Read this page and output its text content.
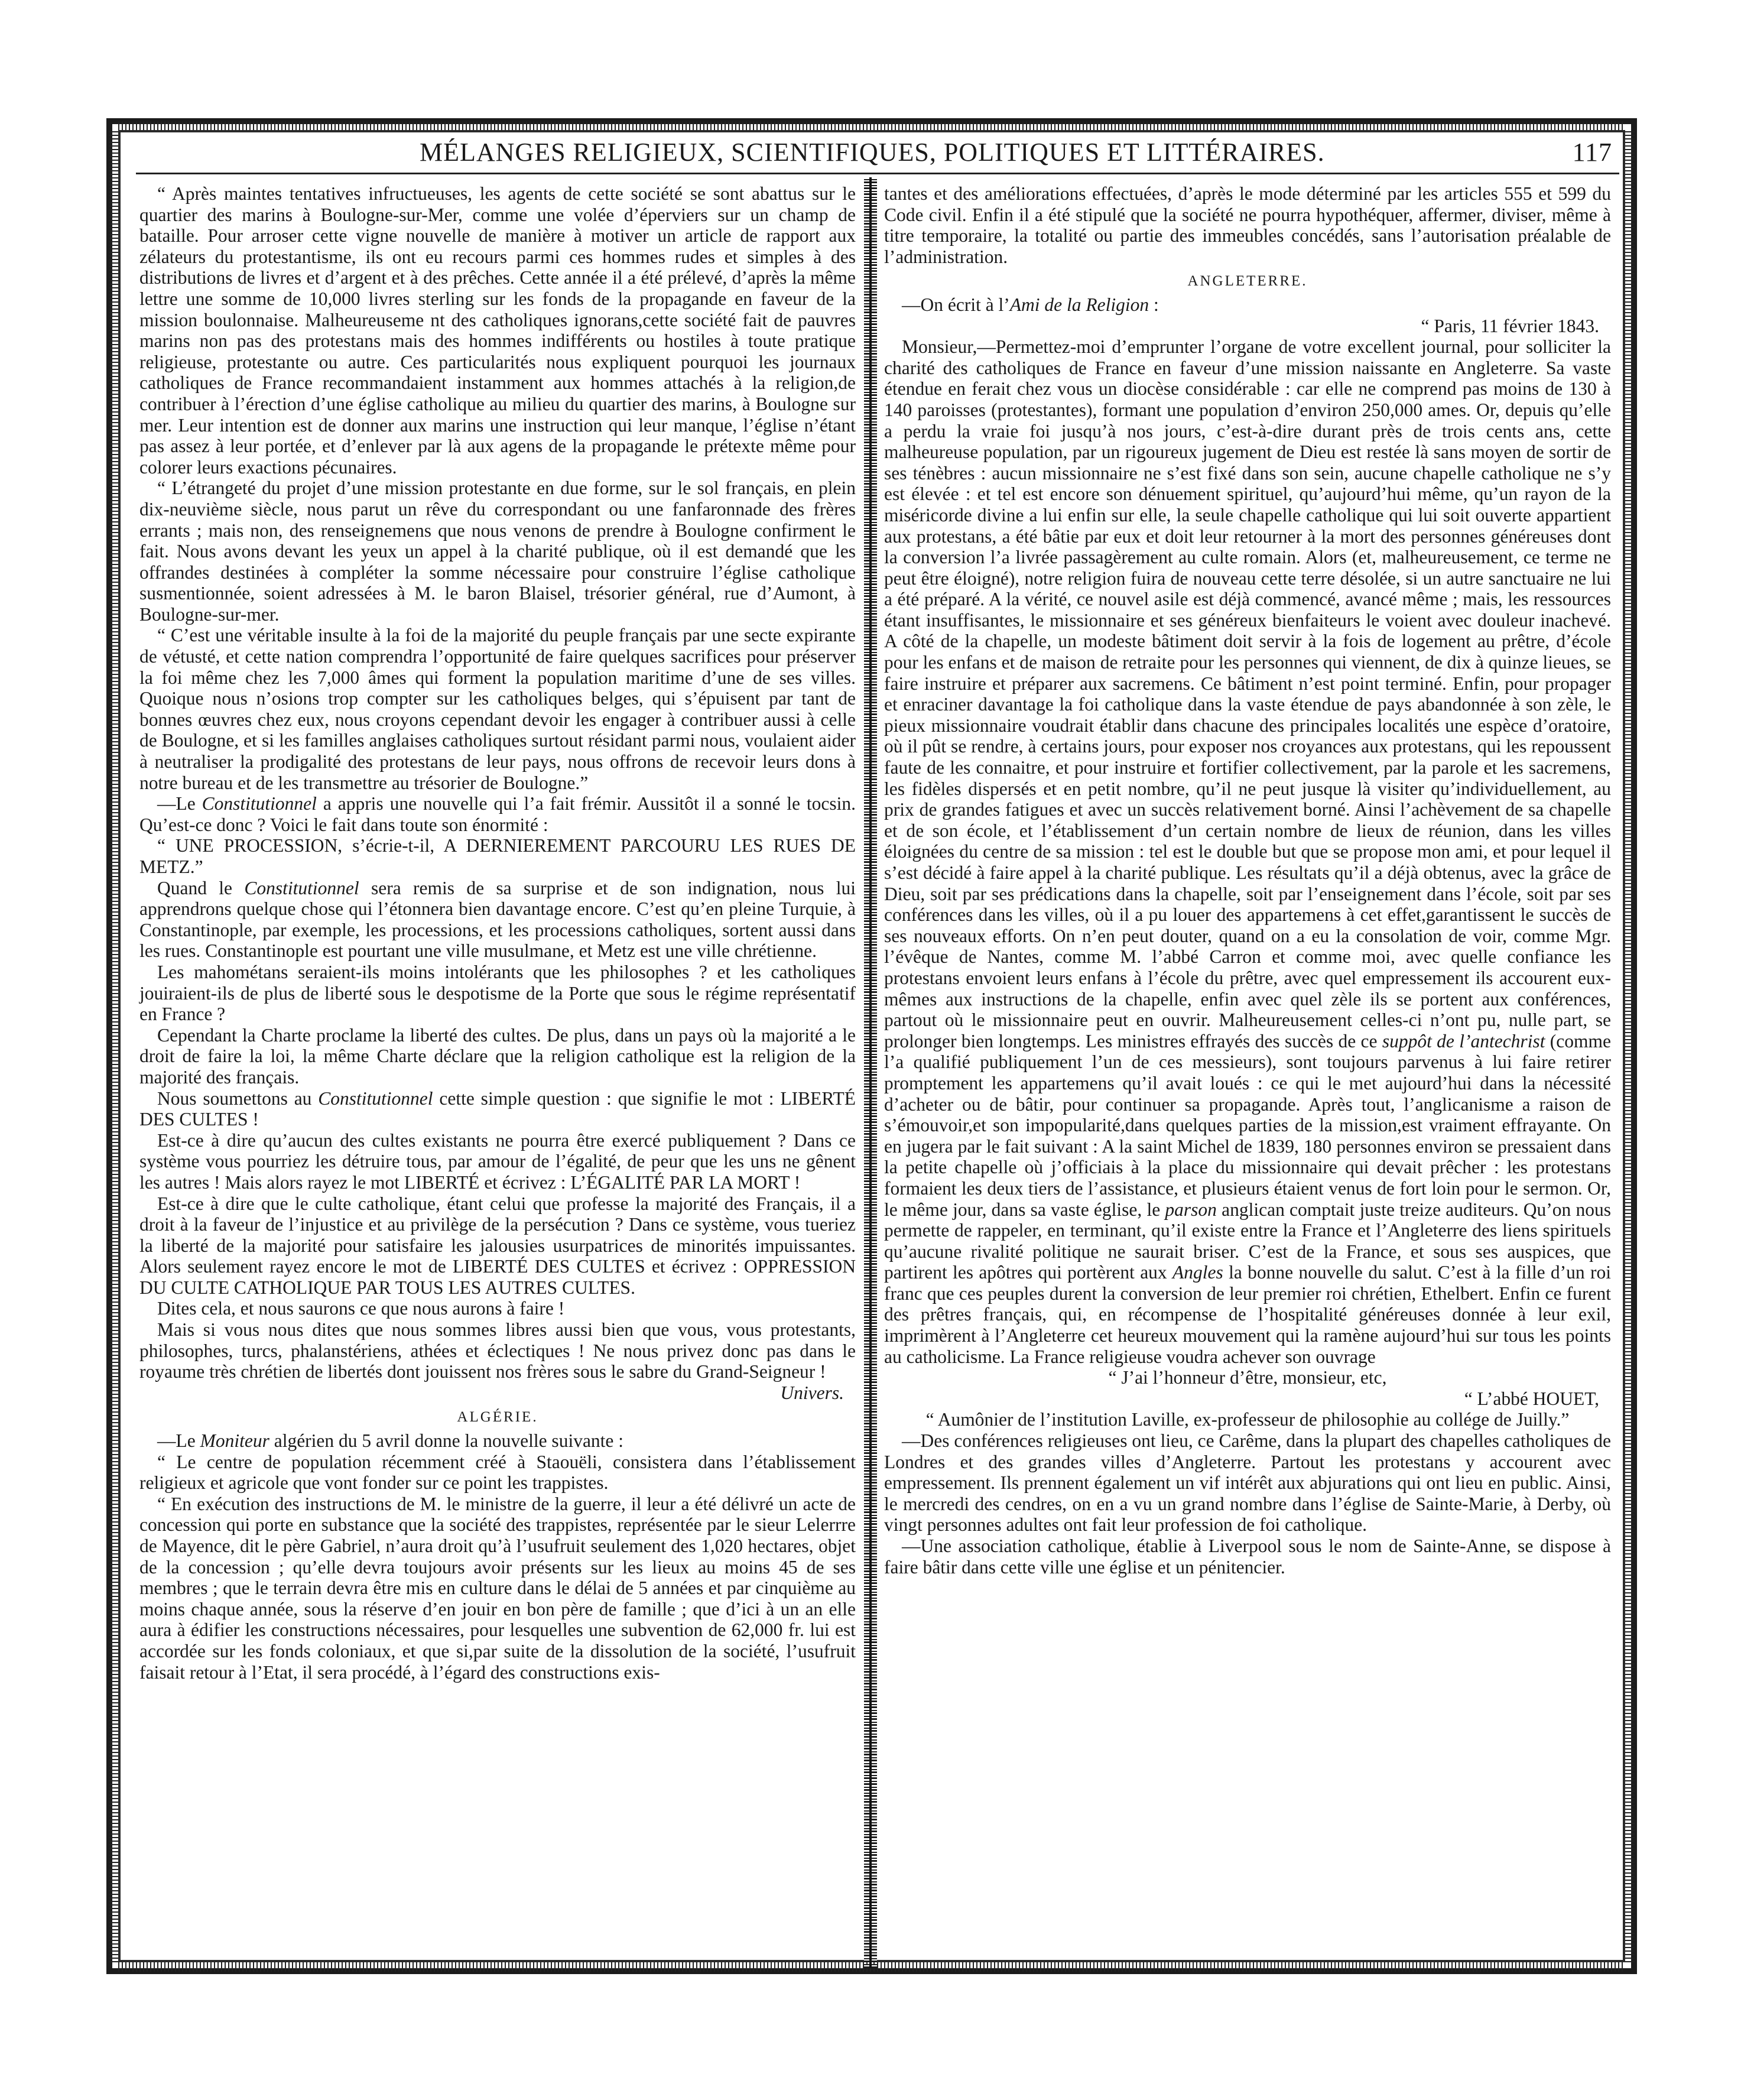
MÉLANGES RELIGIEUX, SCIENTIFIQUES, POLITIQUES ET LITTÉRAIRES.	117

“ Après maintes tentatives infructueuses, les agents de cette société se sont abattus sur le quartier des marins à Boulogne-sur-Mer, comme une volée d’éperviers sur un champ de bataille. Pour arroser cette vigne nouvelle de manière à motiver un article de rapport aux zélateurs du protestantisme, ils ont eu recours parmi ces hommes rudes et simples à des distributions de livres et d’argent et à des prêches. Cette année il a été prélevé, d’après la même lettre une somme de 10,000 livres sterling sur les fonds de la propagande en faveur de la mission boulonnaise. Malheureuseme nt des catholiques ignorans,cette société fait de pauvres marins non pas des protestans mais des hommes indifférents ou hostiles à toute pratique religieuse, protestante ou autre. Ces particularités nous expliquent pourquoi les journaux catholiques de France recommandaient instamment aux hommes attachés à la religion,de contribuer à l’érection d’une église catholique au milieu du quartier des marins, à Boulogne sur mer. Leur intention est de donner aux marins une instruction qui leur manque, l’église n’étant pas assez à leur portée, et d’enlever par là aux agens de la propagande le prétexte même pour colorer leurs exactions pécunaires.

“ L’étrangeté du projet d’une mission protestante en due forme, sur le sol français, en plein dix-neuvième siècle, nous parut un rêve du correspondant ou une fanfaronnade des frères errants ; mais non, des renseignemens que nous venons de prendre à Boulogne confirment le fait. Nous avons devant les yeux un appel à la charité publique, où il est demandé que les offrandes destinées à compléter la somme nécessaire pour construire l’église catholique susmentionnée, soient adressées à M. le baron Blaisel, trésorier général, rue d’Aumont, à Boulogne-sur-mer.

“ C’est une véritable insulte à la foi de la majorité du peuple français par une secte expirante de vétusté, et cette nation comprendra l’opportunité de faire quelques sacrifices pour préserver la foi même chez les 7,000 âmes qui forment la population maritime d’une de ses villes. Quoique nous n’osions trop compter sur les catholiques belges, qui s’épuisent par tant de bonnes œuvres chez eux, nous croyons cependant devoir les engager à contribuer aussi à celle de Boulogne, et si les familles anglaises catholiques surtout résidant parmi nous, voulaient aider à neutraliser la prodigalité des protestans de leur pays, nous offrons de recevoir leurs dons à notre bureau et de les transmettre au trésorier de Boulogne.”

—Le Constitutionnel a appris une nouvelle qui l’a fait frémir. Aussitôt il a sonné le tocsin. Qu’est-ce donc ? Voici le fait dans toute son énormité :

“ UNE PROCESSION, s’écrie-t-il, A DERNIEREMENT PARCOURU LES RUES DE METZ.”

Quand le Constitutionnel sera remis de sa surprise et de son indignation, nous lui apprendrons quelque chose qui l’étonnera bien davantage encore. C’est qu’en pleine Turquie, à Constantinople, par exemple, les processions, et les processions catholiques, sortent aussi dans les rues. Constantinople est pourtant une ville musulmane, et Metz est une ville chrétienne.

Les mahométans seraient-ils moins intolérants que les philosophes ? et les catholiques jouiraient-ils de plus de liberté sous le despotisme de la Porte que sous le régime représentatif en France ?

Cependant la Charte proclame la liberté des cultes. De plus, dans un pays où la majorité a le droit de faire la loi, la même Charte déclare que la religion catholique est la religion de la majorité des français.

Nous soumettons au Constitutionnel cette simple question : que signifie le mot : LIBERTÉ DES CULTES !

Est-ce à dire qu’aucun des cultes existants ne pourra être exercé publiquement ? Dans ce système vous pourriez les détruire tous, par amour de l’égalité, de peur que les uns ne gênent les autres ! Mais alors rayez le mot LIBERTÉ et écrivez : L’ÉGALITÉ PAR LA MORT !

Est-ce à dire que le culte catholique, étant celui que professe la majorité des Français, il a droit à la faveur de l’injustice et au privilège de la persécution ? Dans ce système, vous tueriez la liberté de la majorité pour satisfaire les jalousies usurpatrices de minorités impuissantes. Alors seulement rayez encore le mot de LIBERTÉ DES CULTES et écrivez : OPPRESSION DU CULTE CATHOLIQUE PAR TOUS LES AUTRES CULTES.

Dites cela, et nous saurons ce que nous aurons à faire !

Mais si vous nous dites que nous sommes libres aussi bien que vous, vous protestants, philosophes, turcs, phalanstériens, athées et éclectiques ! Ne nous privez donc pas dans le royaume très chrétien de libertés dont jouissent nos frères sous le sabre du Grand-Seigneur !

Univers.

ALGÉRIE.

—Le Moniteur algérien du 5 avril donne la nouvelle suivante :

“ Le centre de population récemment créé à Staouëli, consistera dans l’établissement religieux et agricole que vont fonder sur ce point les trappistes.

“ En exécution des instructions de M. le ministre de la guerre, il leur a été délivré un acte de concession qui porte en substance que la société des trappistes, représentée par le sieur Lelerrre de Mayence, dit le père Gabriel, n’aura droit qu’à l’usufruit seulement des 1,020 hectares, objet de la concession ; qu’elle devra toujours avoir présents sur les lieux au moins 45 de ses membres ; que le terrain devra être mis en culture dans le délai de 5 années et par cinquième au moins chaque année, sous la réserve d’en jouir en bon père de famille ; que d’ici à un an elle aura à édifier les constructions nécessaires, pour lesquelles une subvention de 62,000 fr. lui est accordée sur les fonds coloniaux, et que si,par suite de la dissolution de la société, l’usufruit faisait retour à l’Etat, il sera procédé, à l’égard des constructions exis-

tantes et des améliorations effectuées, d’après le mode déterminé par les articles 555 et 599 du Code civil. Enfin il a été stipulé que la société ne pourra hypothéquer, affermer, diviser, même à titre temporaire, la totalité ou partie des immeubles concédés, sans l’autorisation préalable de l’administration.

ANGLETERRE.

—On écrit à l’Ami de la Religion :

“ Paris, 11 février 1843.

Monsieur,—Permettez-moi d’emprunter l’organe de votre excellent journal, pour solliciter la charité des catholiques de France en faveur d’une mission naissante en Angleterre. Sa vaste étendue en ferait chez vous un diocèse considérable : car elle ne comprend pas moins de 130 à 140 paroisses (protestantes), formant une population d’environ 250,000 ames. Or, depuis qu’elle a perdu la vraie foi jusqu’à nos jours, c’est-à-dire durant près de trois cents ans, cette malheureuse population, par un rigoureux jugement de Dieu est restée là sans moyen de sortir de ses ténèbres : aucun missionnaire ne s’est fixé dans son sein, aucune chapelle catholique ne s’y est élevée : et tel est encore son dénuement spirituel, qu’aujourd’hui même, qu’un rayon de la miséricorde divine a lui enfin sur elle, la seule chapelle catholique qui lui soit ouverte appartient aux protestans, a été bâtie par eux et doit leur retourner à la mort des personnes généreuses dont la conversion l’a livrée passagèrement au culte romain. Alors (et, malheureusement, ce terme ne peut être éloigné), notre religion fuira de nouveau cette terre désolée, si un autre sanctuaire ne lui a été préparé. A la vérité, ce nouvel asile est déjà commencé, avancé même ; mais, les ressources étant insuffisantes, le missionnaire et ses généreux bienfaiteurs le voient avec douleur inachevé. A côté de la chapelle, un modeste bâtiment doit servir à la fois de logement au prêtre, d’école pour les enfans et de maison de retraite pour les personnes qui viennent, de dix à quinze lieues, se faire instruire et préparer aux sacremens. Ce bâtiment n’est point terminé. Enfin, pour propager et enraciner davantage la foi catholique dans la vaste étendue de pays abandonnée à son zèle, le pieux missionnaire voudrait établir dans chacune des principales localités une espèce d’oratoire, où il pût se rendre, à certains jours, pour exposer nos croyances aux protestans, qui les repoussent faute de les connaitre, et pour instruire et fortifier collectivement, par la parole et les sacremens, les fidèles dispersés et en petit nombre, qu’il ne peut jusque là visiter qu’individuellement, au prix de grandes fatigues et avec un succès relativement borné. Ainsi l’achèvement de sa chapelle et de son école, et l’établissement d’un certain nombre de lieux de réunion, dans les villes éloignées du centre de sa mission : tel est le double but que se propose mon ami, et pour lequel il s’est décidé à faire appel à la charité publique. Les résultats qu’il a déjà obtenus, avec la grâce de Dieu, soit par ses prédications dans la chapelle, soit par l’enseignement dans l’école, soit par ses conférences dans les villes, où il a pu louer des appartemens à cet effet,garantissent le succès de ses nouveaux efforts. On n’en peut douter, quand on a eu la consolation de voir, comme Mgr. l’évêque de Nantes, comme M. l’abbé Carron et comme moi, avec quelle confiance les protestans envoient leurs enfans à l’école du prêtre, avec quel empressement ils accourent eux-mêmes aux instructions de la chapelle, enfin avec quel zèle ils se portent aux conférences, partout où le missionnaire peut en ouvrir. Malheureusement celles-ci n’ont pu, nulle part, se prolonger bien longtemps. Les ministres effrayés des succès de ce suppôt de l’antechrist (comme l’a qualifié publiquement l’un de ces messieurs), sont toujours parvenus à lui faire retirer promptement les appartemens qu’il avait loués : ce qui le met aujourd’hui dans la nécessité d’acheter ou de bâtir, pour continuer sa propagande. Après tout, l’anglicanisme a raison de s’émouvoir,et son impopularité,dans quelques parties de la mission,est vraiment effrayante. On en jugera par le fait suivant : A la saint Michel de 1839, 180 personnes environ se pressaient dans la petite chapelle où j’officiais à la place du missionnaire qui devait prêcher : les protestans formaient les deux tiers de l’assistance, et plusieurs étaient venus de fort loin pour le sermon. Or, le même jour, dans sa vaste église, le parson anglican comptait juste treize auditeurs. Qu’on nous permette de rappeler, en terminant, qu’il existe entre la France et l’Angleterre des liens spirituels qu’aucune rivalité politique ne saurait briser. C’est de la France, et sous ses auspices, que partirent les apôtres qui portèrent aux Angles la bonne nouvelle du salut. C’est à la fille d’un roi franc que ces peuples durent la conversion de leur premier roi chrétien, Ethelbert. Enfin ce furent des prêtres français, qui, en récompense de l’hospitalité généreuses donnée à leur exil, imprimèrent à l’Angleterre cet heureux mouvement qui la ramène aujourd’hui sur tous les points au catholicisme. La France religieuse voudra achever son ouvrage

“ J’ai l’honneur d’être, monsieur, etc,

“ L’abbé HOUET,

“ Aumônier de l’institution Laville, ex-professeur de philosophie au collége de Juilly.”

—Des conférences religieuses ont lieu, ce Carême, dans la plupart des chapelles catholiques de Londres et des grandes villes d’Angleterre. Partout les protestans y accourent avec empressement. Ils prennent également un vif intérêt aux abjurations qui ont lieu en public. Ainsi, le mercredi des cendres, on en a vu un grand nombre dans l’église de Sainte-Marie, à Derby, où vingt personnes adultes ont fait leur profession de foi catholique.

—Une association catholique, établie à Liverpool sous le nom de Sainte-Anne, se dispose à faire bâtir dans cette ville une église et un pénitencier.
